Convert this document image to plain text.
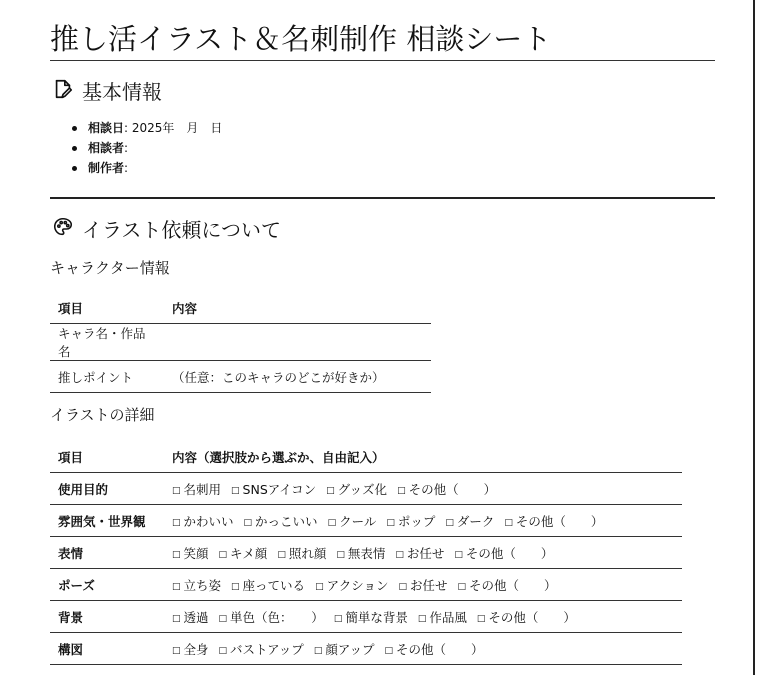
推し活イラスト＆名刺制作 相談シート
基本情報
相談日: 2025年　月　日
相談者:
制作者:
イラスト依頼について
キャラクター情報
項目	内容
キャラ名・作品名	
推しポイント	（任意：このキャラのどこが好きか）
イラストの詳細
項目	内容（選択肢から選ぶか、自由記入）
使用目的	□ 名刺用 □ SNSアイコン □ グッズ化 □ その他（　　）
雰囲気・世界観	□ かわいい □ かっこいい □ クール □ ポップ □ ダーク □ その他（　　）
表情	□ 笑顔 □ キメ顔 □ 照れ顔 □ 無表情 □ お任せ □ その他（　　）
ポーズ	□ 立ち姿 □ 座っている □ アクション □ お任せ □ その他（　　）
背景	□ 透過 □ 単色（色：　　） □ 簡単な背景 □ 作品風 □ その他（　　）
構図	□ 全身 □ バストアップ □ 顔アップ □ その他（　　）
